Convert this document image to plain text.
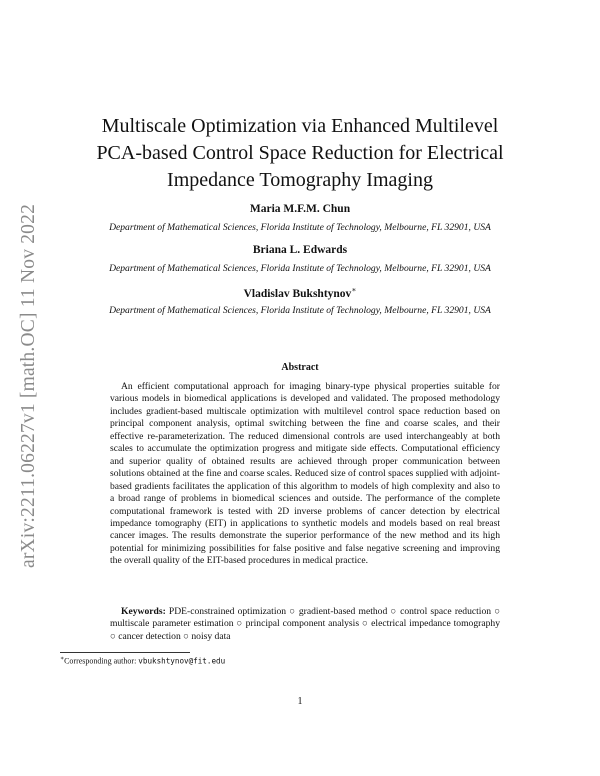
arXiv:2211.06227v1 [math.OC] 11 Nov 2022
Multiscale Optimization via Enhanced Multilevel
PCA-based Control Space Reduction for Electrical
Impedance Tomography Imaging
Maria M.F.M. Chun
Department of Mathematical Sciences, Florida Institute of Technology, Melbourne, FL 32901, USA
Briana L. Edwards
Department of Mathematical Sciences, Florida Institute of Technology, Melbourne, FL 32901, USA
Vladislav Bukshtynov∗
Department of Mathematical Sciences, Florida Institute of Technology, Melbourne, FL 32901, USA
Abstract

An efficient computational approach for imaging binary-type physical properties suitable for various models in biomedical applications is developed and validated. The proposed methodology includes gradient-based multiscale optimization with multilevel control space reduction based on principal component analysis, optimal switching between the fine and coarse scales, and their effective re-parameterization. The reduced dimensional controls are used interchangeably at both scales to accumulate the optimization progress and mitigate side effects. Computational efficiency and superior quality of obtained results are achieved through proper communication between solutions obtained at the fine and coarse scales. Reduced size of control spaces supplied with adjoint-based gradients facilitates the application of this algorithm to models of high complexity and also to a broad range of problems in biomedical sciences and outside. The performance of the complete computational framework is tested with 2D inverse problems of cancer detection by electrical impedance tomography (EIT) in applications to synthetic models and models based on real breast cancer images. The results demonstrate the superior performance of the new method and its high potential for minimizing possibilities for false positive and false negative screening and improving the overall quality of the EIT-based procedures in medical practice.

Keywords: PDE-constrained optimization ○ gradient-based method ○ control space reduction ○ multiscale parameter estimation ○ principal component analysis ○ electrical impedance tomography ○ cancer detection ○ noisy data

∗Corresponding author: vbukshtynov@fit.edu
1
